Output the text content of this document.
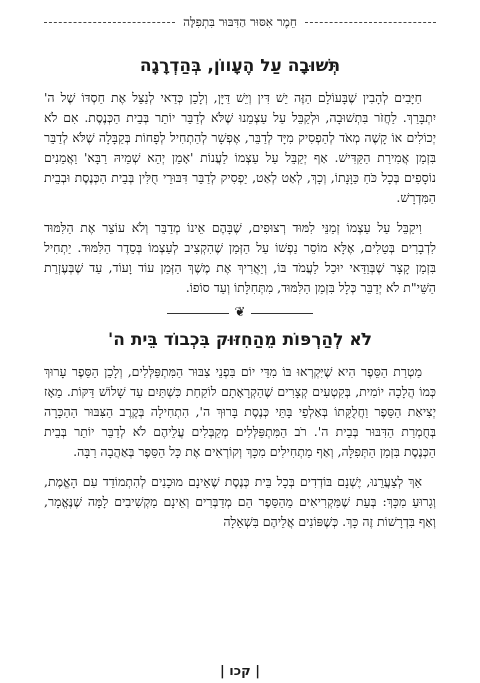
חֵמֶר אִסּוּר הַדִּבּוּר בִּתְפִלָּה
תְּשׁוּבָה עַל הֶעָווֹן, בְּהַדְרָגָה

חַיָּבִים לְהָבִין שֶׁבָּעוֹלָם הַזֶּה יֵשׁ דִּין וְיֵשׁ דַּיָּן, וְלָכֵן כְּדַאי לְנַצֵּל אֶת חַסְדּוֹ שֶׁל ה' יִתְבָּרַךְ. לַחֲזֹר בִּתְשׁוּבָה, וּלְקַבֵּל עַל עַצְמֵנוּ שֶׁלֹּא לְדַבֵּר יוֹתֵר בְּבֵית הַכְּנֶסֶת. אִם לֹא יְכוֹלִים אוֹ קָשֶׁה מְאֹד לְהַפְסִיק מִיָּד לְדַבֵּר, אֶפְשָׁר לְהַתְחִיל לְפָחוֹת בְּקַבָּלָה שֶׁלֹּא לְדַבֵּר בִּזְמַן אֲמִירַת הַקַּדִּישׁ. אַף יְקַבֵּל עַל עַצְמוֹ לַעֲנוֹת 'אָמֵן יְהֵא שְׁמֵיהּ רַבָּא' וַאֲמֵנִים נוֹסָפִים בְּכָל כֹּחַ כַּוָּנָתוֹ, וְכָךְ, לְאַט לְאַט, יַפְסִיק לְדַבֵּר דִּבּוּרֵי חֻלִּין בְּבֵית הַכְּנֶסֶת וּבְבֵית הַמִּדְרָשׁ.

וִיקַבֵּל עַל עַצְמוֹ זְמַנֵּי לִמּוּד רְצוּפִים, שֶׁבָּהֶם אֵינוֹ מְדַבֵּר וְלֹא עוֹצֵר אֶת הַלִּמּוּד לִדְבָרִים בְּטֵלִים, אֶלָּא מוֹסֵר נַפְשׁוֹ עַל הַזְּמַן שֶׁהִקְצִיב לְעַצְמוֹ בְּסֵדֶר הַלִּמּוּד. יַתְחִיל בִּזְמַן קָצָר שֶׁבְּוַדַּאי יוּכַל לַעֲמֹד בּוֹ, וְיַאֲרִיךְ אֶת מֶשֶׁךְ הַזְּמַן עוֹד וָעוֹד, עַד שֶׁבְּעֶזְרַת הַשֵּׁי"ת לֹא יְדַבֵּר כְּלָל בִּזְמַן הַלִּמּוּד, מִתְּחִלָּתוֹ וְעַד סוֹפוֹ.

❦
לֹא לְהַרְפּוֹת מֵהַחִזּוּק בִּכְבוֹד בֵּית ה'

מַטְרַת הַסֵּפֶר הִיא שֶׁיִּקְרְאוּ בּוֹ מִדֵּי יוֹם בִּפְנֵי צִבּוּר הַמִּתְפַּלְּלִים, וְלָכֵן הַסֵּפֶר עָרוּךְ כְּמוֹ הֲלָכָה יוֹמִית, בְּקִטְעִים קְצָרִים שֶׁהַקְרָאָתָם לוֹקַחַת כִּשְׁתַּיִם עַד שָׁלוֹשׁ דַּקּוֹת. מֵאָז יְצִיאַת הַסֵּפֶר וַחֲלֻקָּתוֹ בְּאַלְפֵי בָּתֵּי כְּנֶסֶת בָּרוּךְ ה', הִתְחִילָה בְּקֶרֶב הַצִּבּוּר הַהַכָּרָה בְּחֻמְרַת הַדִּבּוּר בְּבֵית ה'. רֹב הַמִּתְפַּלְּלִים מְקַבְּלִים עֲלֵיהֶם לֹא לְדַבֵּר יוֹתֵר בְּבֵית הַכְּנֶסֶת בִּזְמַן הַתְּפִלָּה, וְאַף מַתְחִילִים מִכָּךְ וְקוֹרְאִים אֶת כָּל הַסֵּפֶר בְּאַהֲבָה רַבָּה.

אַךְ לְצַעֲרֵנוּ, יֶשְׁנָם בּוֹדְדִים בְּכָל בֵּית כְּנֶסֶת שֶׁאֵינָם מוּכָנִים לְהִתְמוֹדֵד עִם הָאֱמֶת, וְגָרוּעַ מִכָּךְ: בְּעֵת שֶׁמַּקְרִיאִים מֵהַסֵּפֶר הֵם מְדַבְּרִים וְאֵינָם מַקְשִׁיבִים לָמָּה שֶׁנֶּאֱמָר, וְאַף בִּדְרָשׁוֹת זֶה כָּךְ. כְּשֶׁפּוֹנִים אֲלֵיהֶם בִּשְׁאֵלָה

| קכו |
